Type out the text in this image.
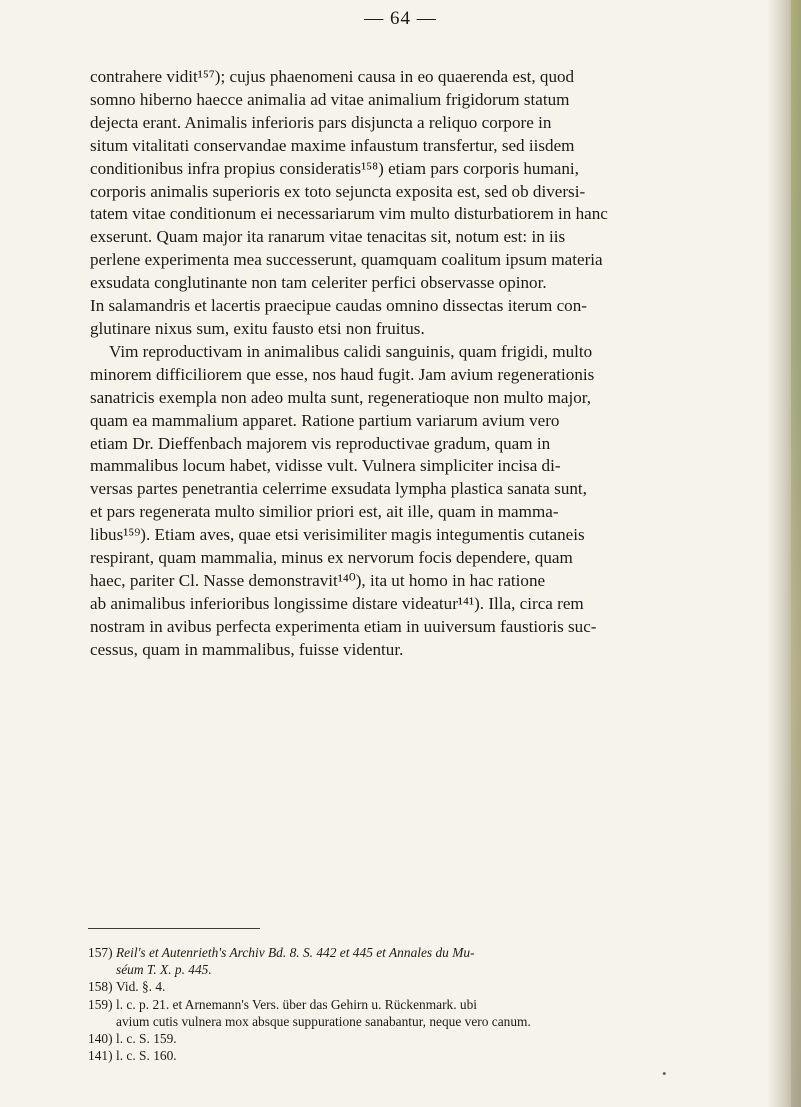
— 64 —
contrahere vidit¹⁵⁷); cujus phaenomeni causa in eo quaerenda est, quod
somno hiberno haecce animalia ad vitae animalium frigidorum statum
dejecta erant. Animalis inferioris pars disjuncta a reliquo corpore in
situm vitalitati conservandae maxime infaustum transfertur, sed iisdem
conditionibus infra propius consideratis¹⁵⁸) etiam pars corporis humani,
corporis animalis superioris ex toto sejuncta exposita est, sed ob diversi-
tatem vitae conditionum ei necessariarum vim multo disturbatiorem in hanc
exserunt. Quam major ita ranarum vitae tenacitas sit, notum est: in iis
perlene experimenta mea successerunt, quamquam coalitum ipsum materia
exsudata conglutinante non tam celeriter perfici observasse opinor.
In salamandris et lacertis praecipue caudas omnino dissectas iterum con-
glutinare nixus sum, exitu fausto etsi non fruitus.
Vim reproductivam in animalibus calidi sanguinis, quam frigidi, multo
minorem difficiliorem que esse, nos haud fugit. Jam avium regenerationis
sanatricis exempla non adeo multa sunt, regeneratioque non multo major,
quam ea mammalium apparet. Ratione partium variarum avium vero
etiam Dr. Dieffenbach majorem vis reproductivae gradum, quam in
mammalibus locum habet, vidisse vult. Vulnera simpliciter incisa di-
versas partes penetrantia celerrime exsudata lympha plastica sanata sunt,
et pars regenerata multo similior priori est, ait ille, quam in mamma-
libus¹⁵⁹). Etiam aves, quae etsi verisimiliter magis integumentis cutaneis
respirant, quam mammalia, minus ex nervorum focis dependere, quam
haec, pariter Cl. Nasse demonstravit¹⁴⁰), ita ut homo in hac ratione
ab animalibus inferioribus longissime distare videatur¹⁴¹). Illa, circa rem
nostram in avibus perfecta experimenta etiam in uuiversum faustioris suc-
cessus, quam in mammalibus, fuisse videntur.
157) Reil's et Autenrieth's Archiv Bd. 8. S. 442 et 445 et Annales du Mu-
séum T. X. p. 445.
158) Vid. §. 4.
159) l. c. p. 21. et Arnemann's Vers. über das Gehirn u. Rückenmark. ubi
avium cutis vulnera mox absque suppuratione sanabantur, neque vero canum.
140) l. c. S. 159.
141) l. c. S. 160.
•
